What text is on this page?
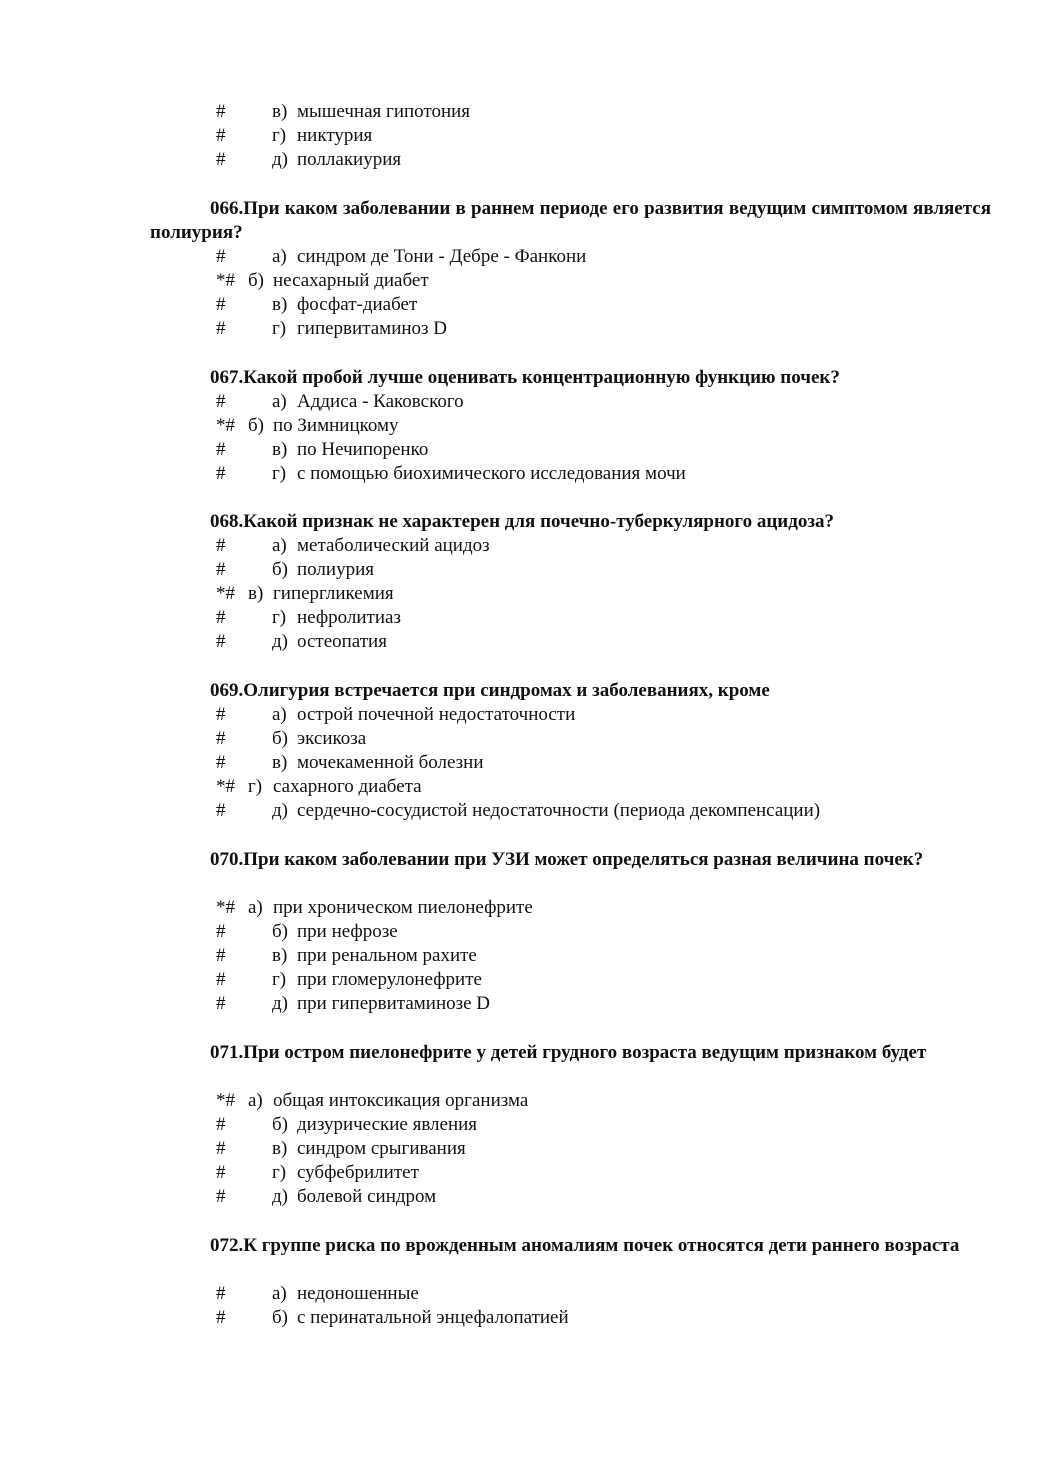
# в) мышечная гипотония
# г) никтурия
# д) поллакиурия
066.При каком заболевании в раннем периоде его развития ведущим симптомом является полиурия?
# а) синдром де Тони - Дебре - Фанкони
*# б) несахарный диабет
# в) фосфат-диабет
# г) гипервитаминоз D
067.Какой пробой лучше оценивать концентрационную функцию почек?
# а) Аддиса - Каковского
*# б) по Зимницкому
# в) по Нечипоренко
# г) с помощью биохимического исследования мочи
068.Какой признак не характерен для почечно-туберкулярного ацидоза?
# а) метаболический ацидоз
# б) полиурия
*# в) гипергликемия
# г) нефролитиаз
# д) остеопатия
069.Олигурия встречается при синдромах и заболеваниях, кроме
# а) острой почечной недостаточности
# б) эксикоза
# в) мочекаменной болезни
*# г) сахарного диабета
# д) сердечно-сосудистой недостаточности (периода декомпенсации)
070.При каком заболевании при УЗИ может определяться разная величина почек?
*# а) при хроническом пиелонефрите
# б) при нефрозе
# в) при ренальном рахите
# г) при гломерулонефрите
# д) при гипервитаминозе D
071.При остром пиелонефрите у детей грудного возраста ведущим признаком будет
*# а) общая интоксикация организма
# б) дизурические явления
# в) синдром срыгивания
# г) субфебрилитет
# д) болевой синдром
072.К группе риска по врожденным аномалиям почек относятся дети раннего возраста
# а) недоношенные
# б) с перинатальной энцефалопатией
